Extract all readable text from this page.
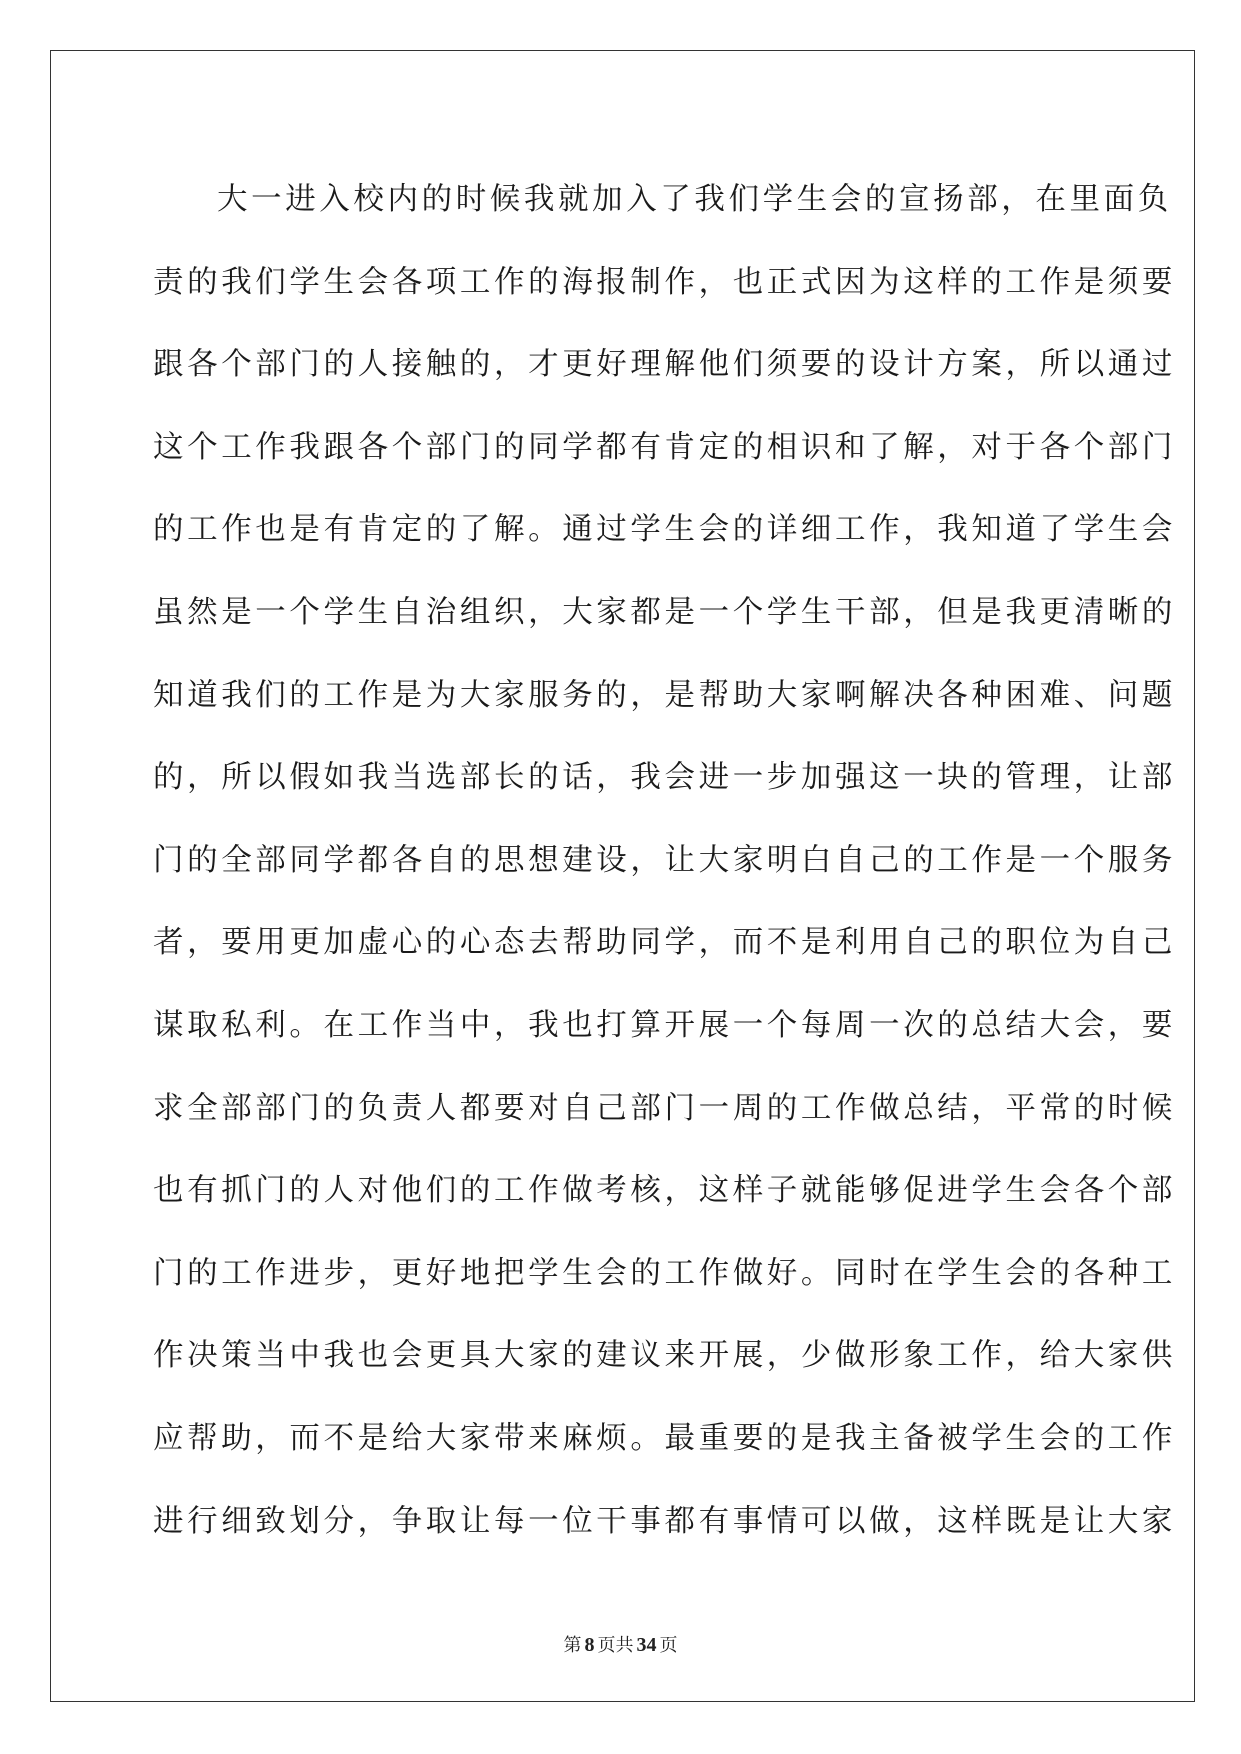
大一进入校内的时候我就加入了我们学生会的宣扬部，在里面负
责的我们学生会各项工作的海报制作，也正式因为这样的工作是须要
跟各个部门的人接触的，才更好理解他们须要的设计方案，所以通过
这个工作我跟各个部门的同学都有肯定的相识和了解，对于各个部门
的工作也是有肯定的了解。通过学生会的详细工作，我知道了学生会
虽然是一个学生自治组织，大家都是一个学生干部，但是我更清晰的
知道我们的工作是为大家服务的，是帮助大家啊解决各种困难、问题
的，所以假如我当选部长的话，我会进一步加强这一块的管理，让部
门的全部同学都各自的思想建设，让大家明白自己的工作是一个服务
者，要用更加虚心的心态去帮助同学，而不是利用自己的职位为自己
谋取私利。在工作当中，我也打算开展一个每周一次的总结大会，要
求全部部门的负责人都要对自己部门一周的工作做总结，平常的时候
也有抓门的人对他们的工作做考核，这样子就能够促进学生会各个部
门的工作进步，更好地把学生会的工作做好。同时在学生会的各种工
作决策当中我也会更具大家的建议来开展，少做形象工作，给大家供
应帮助，而不是给大家带来麻烦。最重要的是我主备被学生会的工作
进行细致划分，争取让每一位干事都有事情可以做，这样既是让大家
第 8 页共 34 页
